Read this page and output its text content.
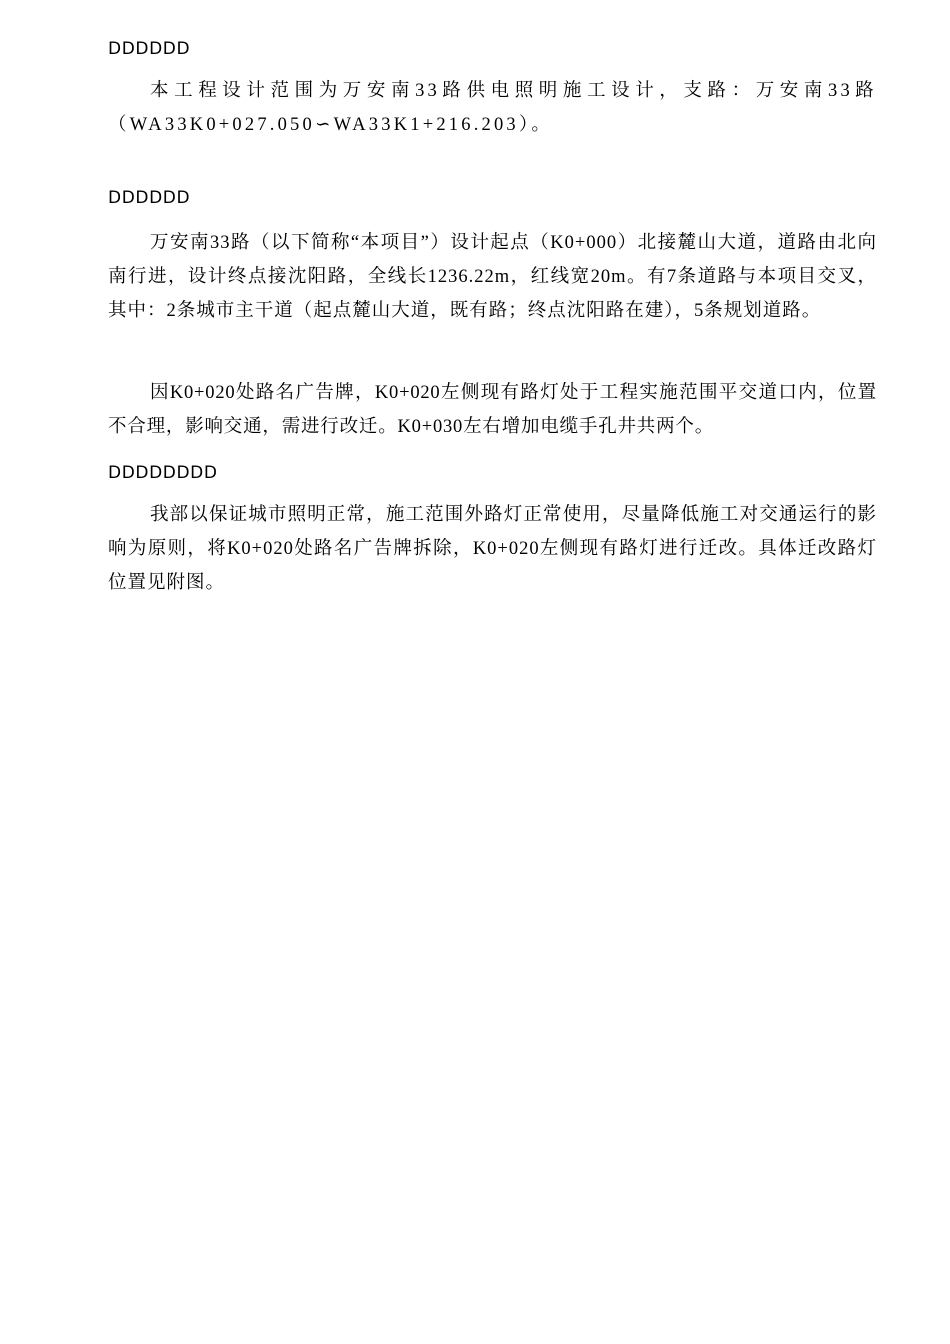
DDDDDD

本工程设计范围为万安南33路供电照明施工设计，支路：万安南33路（WA33K0+027.050∽WA33K1+216.203）。

DDDDDD

万安南33路（以下简称“本项目”）设计起点（K0+000）北接麓山大道，道路由北向南行进，设计终点接沈阳路，全线长1236.22m，红线宽20m。有7条道路与本项目交叉，其中：2条城市主干道（起点麓山大道，既有路；终点沈阳路在建），5条规划道路。

因K0+020处路名广告牌，K0+020左侧现有路灯处于工程实施范围平交道口内，位置不合理，影响交通，需进行改迁。K0+030左右增加电缆手孔井共两个。

DDDDDDDD

我部以保证城市照明正常，施工范围外路灯正常使用，尽量降低施工对交通运行的影响为原则，将K0+020处路名广告牌拆除，K0+020左侧现有路灯进行迁改。具体迁改路灯位置见附图。
